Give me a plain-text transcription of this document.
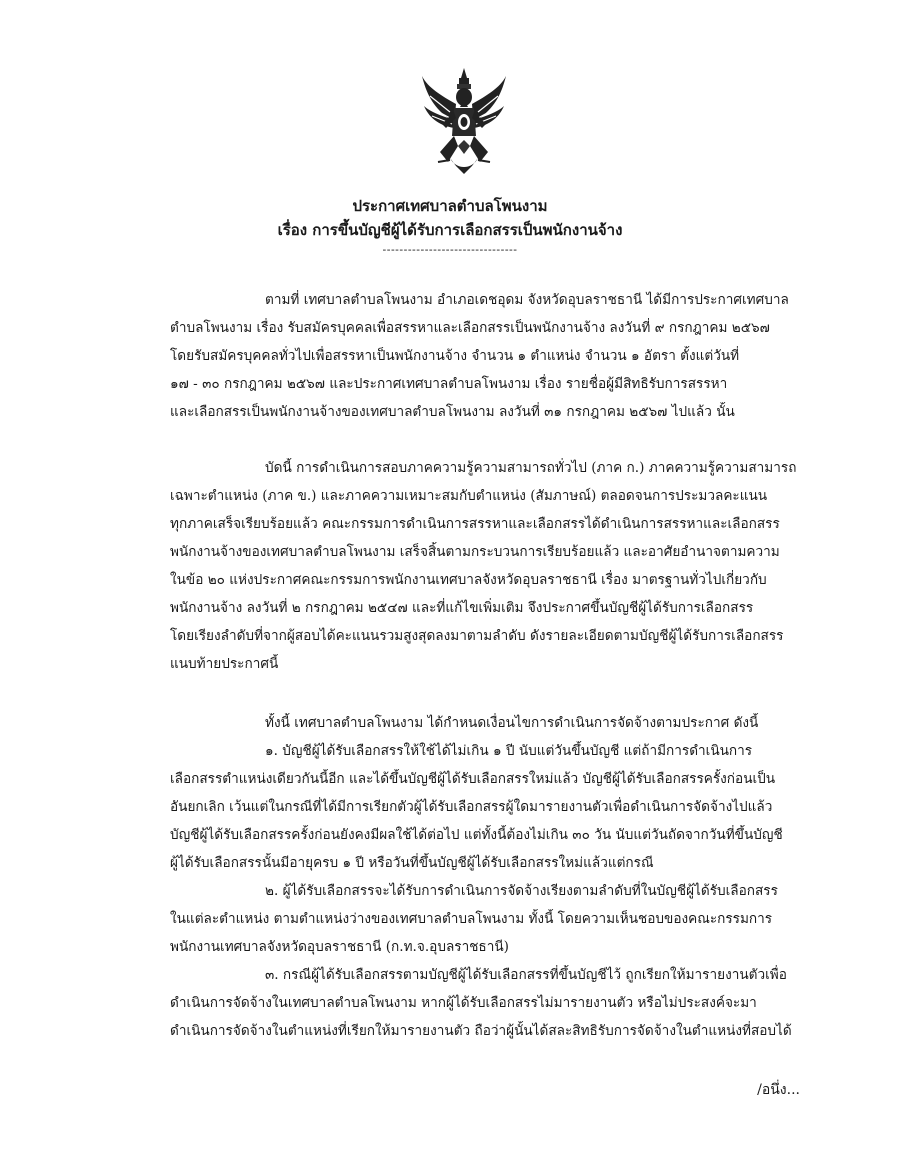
ประกาศเทศบาลตำบลโพนงาม
เรื่อง การขึ้นบัญชีผู้ได้รับการเลือกสรรเป็นพนักงานจ้าง
--------------------------------
ตามที่ เทศบาลตำบลโพนงาม อำเภอเดชอุดม จังหวัดอุบลราชธานี ได้มีการประกาศเทศบาล
ตำบลโพนงาม เรื่อง รับสมัครบุคคลเพื่อสรรหาและเลือกสรรเป็นพนักงานจ้าง ลงวันที่ ๙ กรกฎาคม ๒๕๖๗
โดยรับสมัครบุคคลทั่วไปเพื่อสรรหาเป็นพนักงานจ้าง จำนวน ๑ ตำแหน่ง จำนวน ๑ อัตรา ตั้งแต่วันที่
๑๗ - ๓๐ กรกฎาคม ๒๕๖๗ และประกาศเทศบาลตำบลโพนงาม เรื่อง รายชื่อผู้มีสิทธิรับการสรรหา
และเลือกสรรเป็นพนักงานจ้างของเทศบาลตำบลโพนงาม ลงวันที่ ๓๑ กรกฎาคม ๒๕๖๗ ไปแล้ว นั้น
บัดนี้ การดำเนินการสอบภาคความรู้ความสามารถทั่วไป (ภาค ก.) ภาคความรู้ความสามารถ
เฉพาะตำแหน่ง (ภาค ข.) และภาคความเหมาะสมกับตำแหน่ง (สัมภาษณ์) ตลอดจนการประมวลคะแนน
ทุกภาคเสร็จเรียบร้อยแล้ว คณะกรรมการดำเนินการสรรหาและเลือกสรรได้ดำเนินการสรรหาและเลือกสรร
พนักงานจ้างของเทศบาลตำบลโพนงาม เสร็จสิ้นตามกระบวนการเรียบร้อยแล้ว และอาศัยอำนาจตามความ
ในข้อ ๒๐ แห่งประกาศคณะกรรมการพนักงานเทศบาลจังหวัดอุบลราชธานี เรื่อง มาตรฐานทั่วไปเกี่ยวกับ
พนักงานจ้าง ลงวันที่ ๒ กรกฎาคม ๒๕๔๗ และที่แก้ไขเพิ่มเติม จึงประกาศขึ้นบัญชีผู้ได้รับการเลือกสรร
โดยเรียงลำดับที่จากผู้สอบได้คะแนนรวมสูงสุดลงมาตามลำดับ ดังรายละเอียดตามบัญชีผู้ได้รับการเลือกสรร
แนบท้ายประกาศนี้
ทั้งนี้ เทศบาลตำบลโพนงาม ได้กำหนดเงื่อนไขการดำเนินการจัดจ้างตามประกาศ ดังนี้
๑. บัญชีผู้ได้รับเลือกสรรให้ใช้ได้ไม่เกิน ๑ ปี นับแต่วันขึ้นบัญชี แต่ถ้ามีการดำเนินการ
เลือกสรรตำแหน่งเดียวกันนี้อีก และได้ขึ้นบัญชีผู้ได้รับเลือกสรรใหม่แล้ว บัญชีผู้ได้รับเลือกสรรครั้งก่อนเป็น
อันยกเลิก เว้นแต่ในกรณีที่ได้มีการเรียกตัวผู้ได้รับเลือกสรรผู้ใดมารายงานตัวเพื่อดำเนินการจัดจ้างไปแล้ว
บัญชีผู้ได้รับเลือกสรรครั้งก่อนยังคงมีผลใช้ได้ต่อไป แต่ทั้งนี้ต้องไม่เกิน ๓๐ วัน นับแต่วันถัดจากวันที่ขึ้นบัญชี
ผู้ได้รับเลือกสรรนั้นมีอายุครบ ๑ ปี หรือวันที่ขึ้นบัญชีผู้ได้รับเลือกสรรใหม่แล้วแต่กรณี
๒. ผู้ได้รับเลือกสรรจะได้รับการดำเนินการจัดจ้างเรียงตามลำดับที่ในบัญชีผู้ได้รับเลือกสรร
ในแต่ละตำแหน่ง ตามตำแหน่งว่างของเทศบาลตำบลโพนงาม ทั้งนี้ โดยความเห็นชอบของคณะกรรมการ
พนักงานเทศบาลจังหวัดอุบลราชธานี (ก.ท.จ.อุบลราชธานี)
๓. กรณีผู้ได้รับเลือกสรรตามบัญชีผู้ได้รับเลือกสรรที่ขึ้นบัญชีไว้ ถูกเรียกให้มารายงานตัวเพื่อ
ดำเนินการจัดจ้างในเทศบาลตำบลโพนงาม หากผู้ได้รับเลือกสรรไม่มารายงานตัว หรือไม่ประสงค์จะมา
ดำเนินการจัดจ้างในตำแหน่งที่เรียกให้มารายงานตัว ถือว่าผู้นั้นได้สละสิทธิรับการจัดจ้างในตำแหน่งที่สอบได้
/อนึ่ง...
